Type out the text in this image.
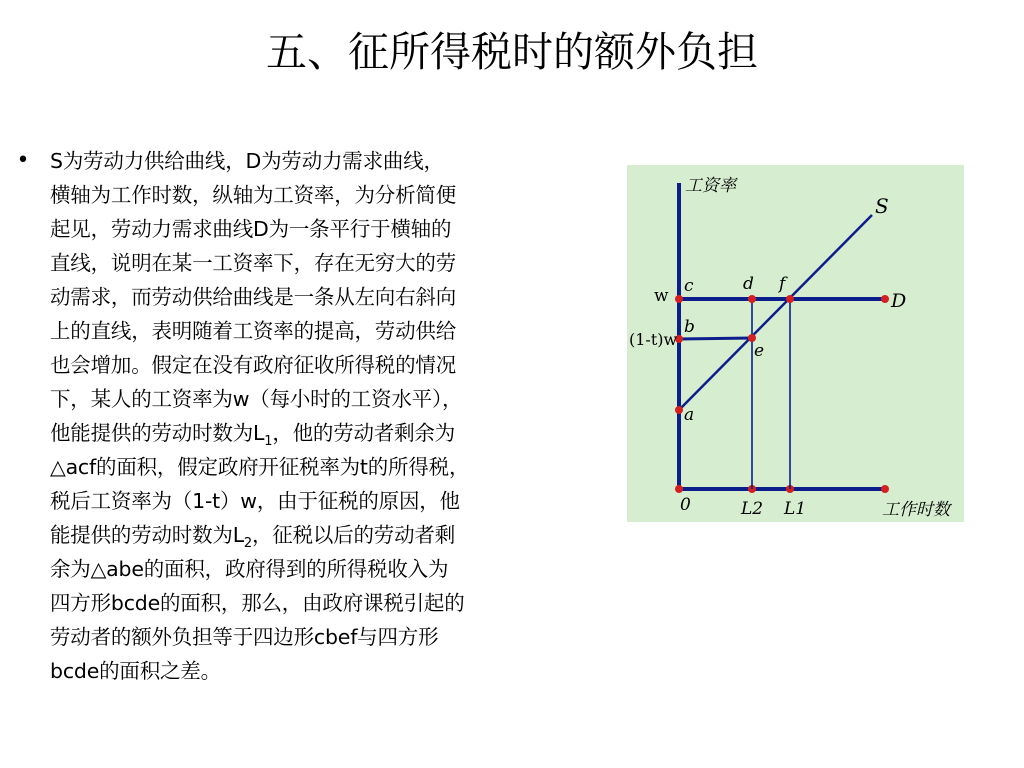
五、征所得税时的额外负担
• S为劳动力供给曲线，D为劳动力需求曲线，
横轴为工作时数，纵轴为工资率，为分析简便
起见，劳动力需求曲线D为一条平行于横轴的
直线，说明在某一工资率下，存在无穷大的劳
动需求，而劳动供给曲线是一条从左向右斜向
上的直线，表明随着工资率的提高，劳动供给
也会增加。假定在没有政府征收所得税的情况
下，某人的工资率为w（每小时的工资水平），
他能提供的劳动时数为$L_1$，他的劳动者剩余为
△acf的面积，假定政府开征税率为t的所得税，
税后工资率为（1-t）w，由于征税的原因，他
能提供的劳动时数为$L_2$，征税以后的劳动者剩
余为△abe的面积，政府得到的所得税收入为
四方形bcde的面积，那么，由政府课税引起的
劳动者的额外负担等于四边形cbef与四方形
bcde的面积之差。
工资率
工作时数
0	L2 L1
S
D
w
(1-t)w
a
b
c	d
e
f
